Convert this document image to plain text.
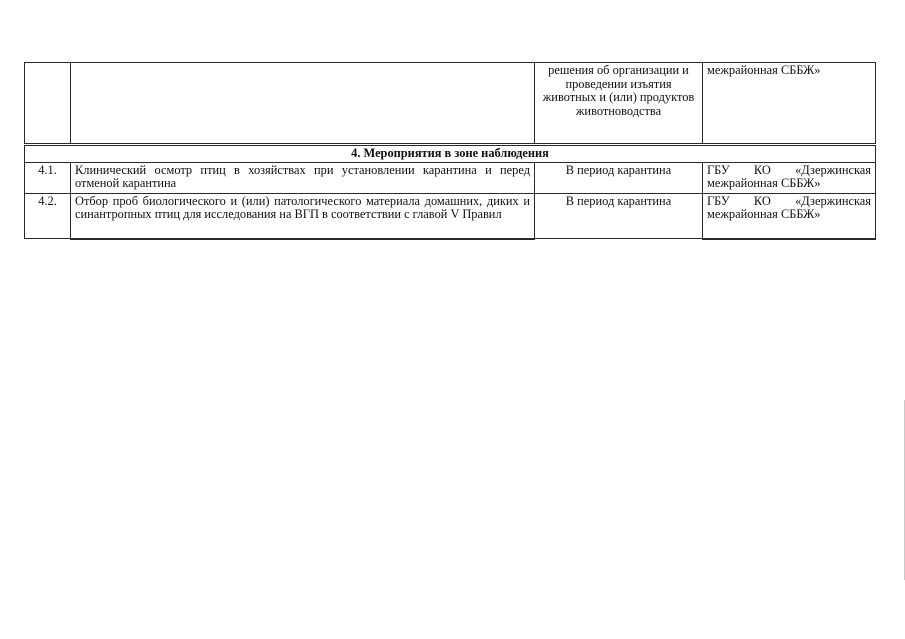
		решения об организации и проведении изъятия животных и (или) продуктов животноводства	межрайонная СББЖ»
4. Мероприятия в зоне наблюдения			
4.1.	Клинический осмотр птиц в хозяйствах при установлении карантина и перед отменой карантина	В период карантина	ГБУ КО «Дзержинская межрайонная СББЖ»
4.2.	Отбор проб биологического и (или) патологического материала домашних, диких и синантропных птиц для исследования на ВГП в соответствии с главой V Правил	В период карантина	ГБУ КО «Дзержинская межрайонная СББЖ»
